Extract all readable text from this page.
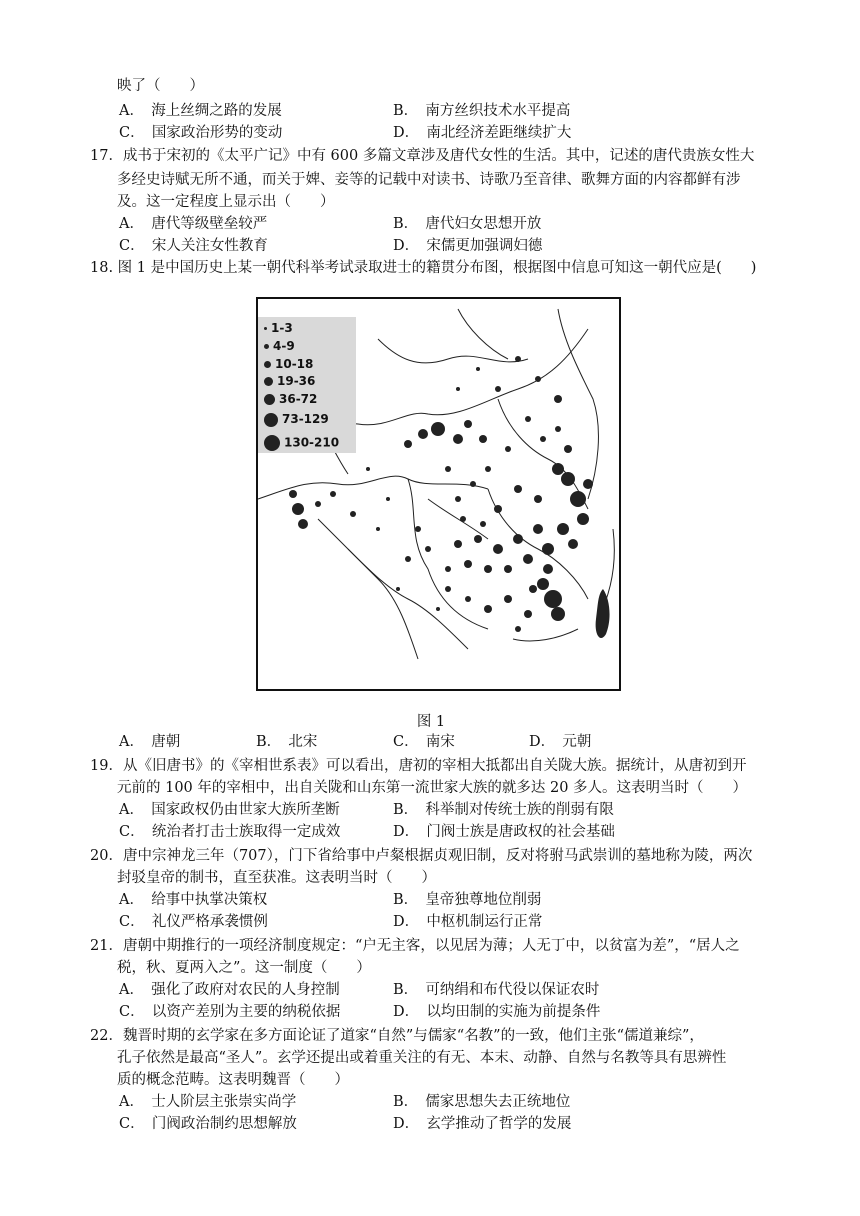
映了（　　）
A．　海上丝绸之路的发展	B．　南方丝织技术水平提高
C．　国家政治形势的变动	D．　南北经济差距继续扩大
17．成书于宋初的《太平广记》中有 600 多篇文章涉及唐代女性的生活。其中，记述的唐代贵族女性大
多经史诗赋无所不通，而关于婢、妾等的记载中对读书、诗歌乃至音律、歌舞方面的内容都鲜有涉
及。这一定程度上显示出（　　）
A．　唐代等级壁垒较严	B．　唐代妇女思想开放
C．　宋人关注女性教育	D．　宋儒更加强调妇德
18. 图 1 是中国历史上某一朝代科举考试录取进士的籍贯分布图，根据图中信息可知这一朝代应是(　　)
1-3
4-9
10-18
19-36
36-72
73-129
130-210
图 1
A．　唐朝	B．　北宋	C．　南宋	D．　元朝
19．从《旧唐书》的《宰相世系表》可以看出，唐初的宰相大抵都出自关陇大族。据统计，从唐初到开
元前的 100 年的宰相中，出自关陇和山东第一流世家大族的就多达 20 多人。这表明当时（　　）
A．　国家政权仍由世家大族所垄断	B．　科举制对传统士族的削弱有限
C．　统治者打击士族取得一定成效	D．　门阀士族是唐政权的社会基础
20．唐中宗神龙三年（707），门下省给事中卢粲根据贞观旧制，反对将驸马武崇训的墓地称为陵，两次
封驳皇帝的制书，直至获准。这表明当时（　　）
A．　给事中执掌决策权	B．　皇帝独尊地位削弱
C．　礼仪严格承袭惯例	D．　中枢机制运行正常
21．唐朝中期推行的一项经济制度规定：“户无主客，以见居为薄；人无丁中，以贫富为差”，“居人之
税，秋、夏两入之”。这一制度（　　）
A．　强化了政府对农民的人身控制	B．　可纳绢和布代役以保证农时
C．　以资产差别为主要的纳税依据	D．　以均田制的实施为前提条件
22．魏晋时期的玄学家在多方面论证了道家“自然”与儒家“名教”的一致，他们主张“儒道兼综”，
孔子依然是最高“圣人”。玄学还提出或着重关注的有无、本末、动静、自然与名教等具有思辨性
质的概念范畴。这表明魏晋（　　）
A．　士人阶层主张崇实尚学	B．　儒家思想失去正统地位
C．　门阀政治制约思想解放	D．　玄学推动了哲学的发展
